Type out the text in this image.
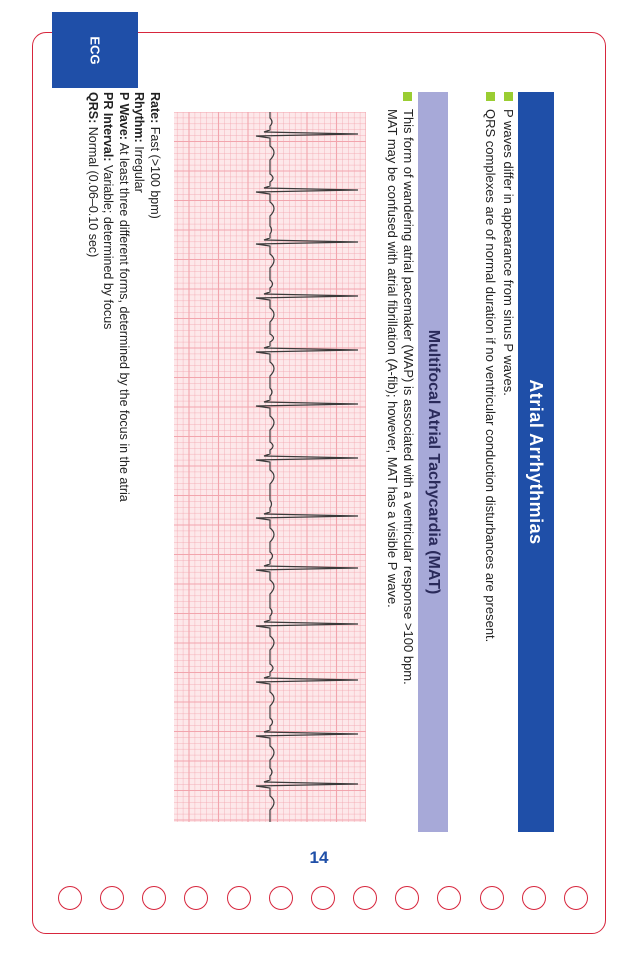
ECG
Atrial Arrhythmias
P waves differ in appearance from sinus P waves.
QRS complexes are of normal duration if no ventricular conduction disturbances are present.
Multifocal Atrial Tachycardia (MAT)
This form of wandering atrial pacemaker (WAP) is associated with a ventricular response >100 bpm.
MAT may be confused with atrial fibrillation (A-fib); however, MAT has a visible P wave.
Rate: Fast (>100 bpm)
Rhythm: Irregular
P Wave: At least three different forms, determined by the focus in the atria
PR Interval: Variable; determined by focus
QRS: Normal (0.06–0.10 sec)
14
